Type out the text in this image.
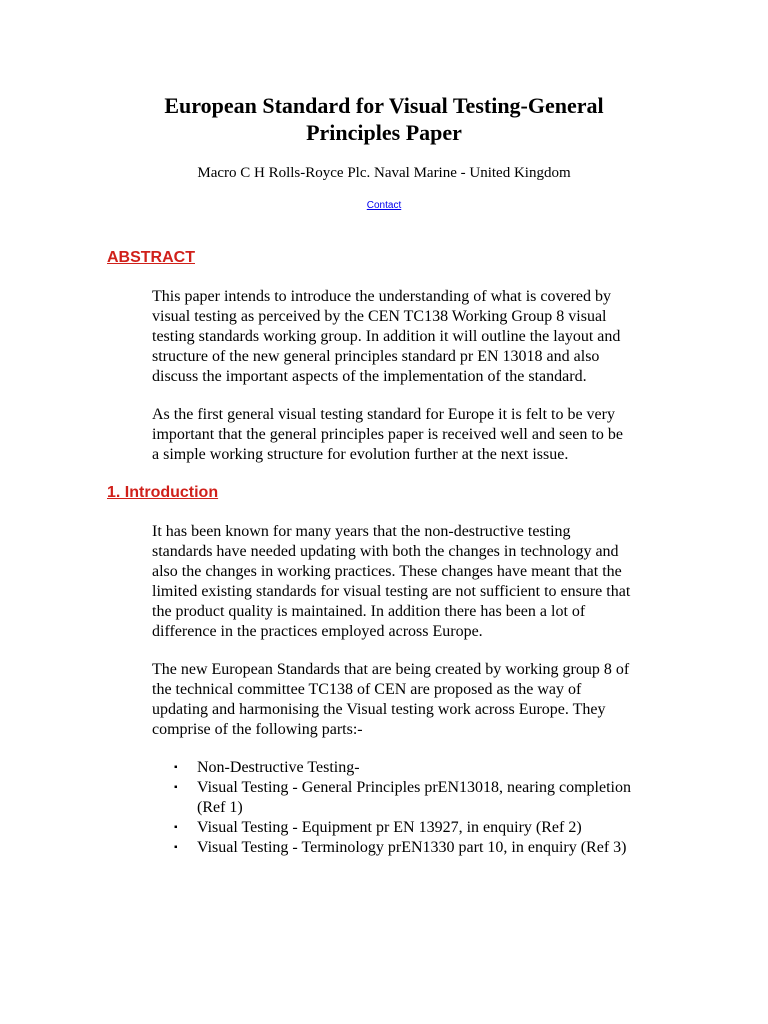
European Standard for Visual Testing-General
Principles Paper

Macro C H Rolls-Royce Plc. Naval Marine - United Kingdom

Contact

ABSTRACT

This paper intends to introduce the understanding of what is covered by
visual testing as perceived by the CEN TC138 Working Group 8 visual
testing standards working group. In addition it will outline the layout and
structure of the new general principles standard pr EN 13018 and also
discuss the important aspects of the implementation of the standard.

As the first general visual testing standard for Europe it is felt to be very
important that the general principles paper is received well and seen to be
a simple working structure for evolution further at the next issue.

1. Introduction

It has been known for many years that the non-destructive testing
standards have needed updating with both the changes in technology and
also the changes in working practices. These changes have meant that the
limited existing standards for visual testing are not sufficient to ensure that
the product quality is maintained. In addition there has been a lot of
difference in the practices employed across Europe.

The new European Standards that are being created by working group 8 of
the technical committee TC138 of CEN are proposed as the way of
updating and harmonising the Visual testing work across Europe. They
comprise of the following parts:-

▪ Non-Destructive Testing-
▪ Visual Testing - General Principles prEN13018, nearing completion
(Ref 1)
▪ Visual Testing - Equipment pr EN 13927, in enquiry (Ref 2)
▪ Visual Testing - Terminology prEN1330 part 10, in enquiry (Ref 3)
